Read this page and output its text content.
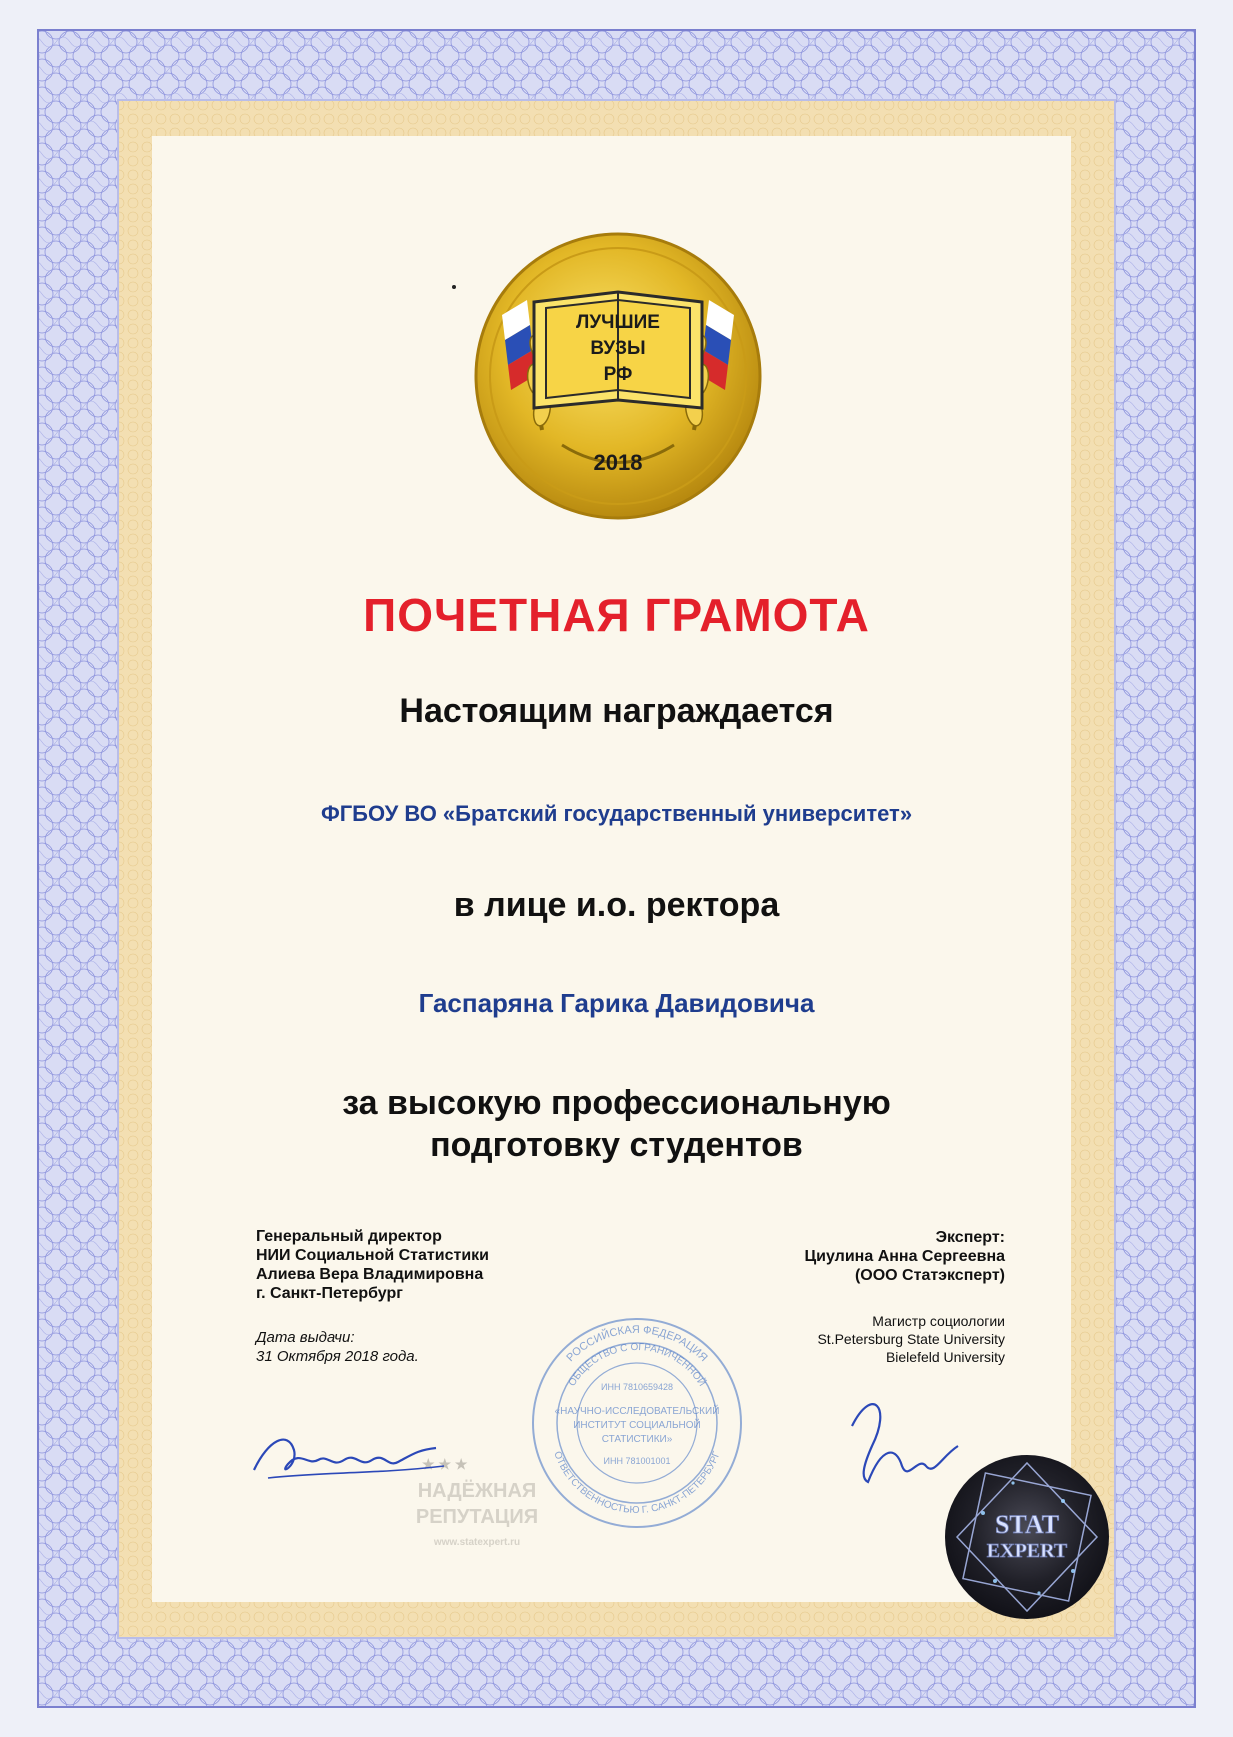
ЛУЧШИЕ
ВУЗЫ
РФ
2018
ПОЧЕТНАЯ ГРАМОТА
Настоящим награждается
ФГБОУ ВО «Братский государственный университет»
в лице и.о. ректора
Гаспаряна Гарика Давидовича
за высокую профессиональную
подготовку студентов
Генеральный директор
НИИ Социальной Статистики
Алиева Вера Владимировна
г. Санкт-Петербург
Дата выдачи:
31 Октября 2018 года.
Эксперт:
Циулина Анна Сергеевна
(ООО Статэксперт)
Магистр социологии
St.Petersburg State University
Bielefeld University
РОССИЙСКАЯ ФЕДЕРАЦИЯ
ОТВЕТСТВЕННОСТЬЮ Г. САНКТ-ПЕТЕРБУРГ
ОБЩЕСТВО С ОГРАНИЧЕННОЙ
ИНН 7810659428
«НАУЧНО-ИССЛЕДОВАТЕЛЬСКИЙ
ИНСТИТУТ СОЦИАЛЬНОЙ
СТАТИСТИКИ»
ИНН 781001001
★ ★ ★
НАДЁЖНАЯ
РЕПУТАЦИЯ
www.statexpert.ru
STAT
EXPERT
